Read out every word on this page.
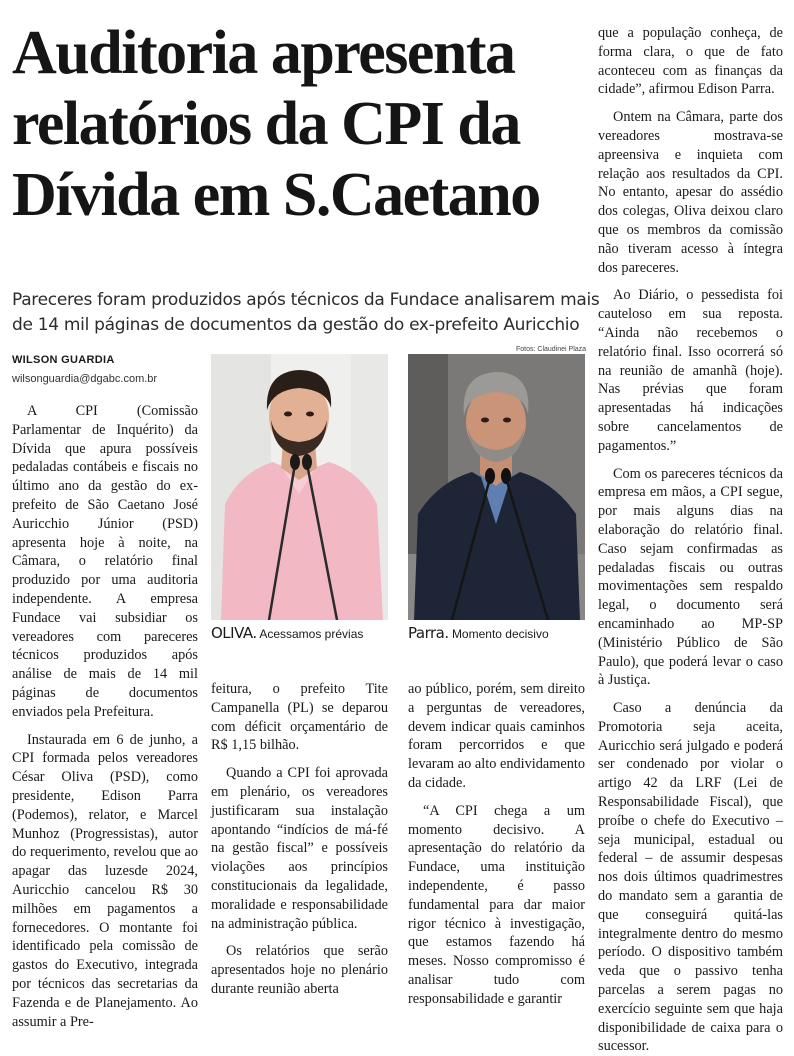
Auditoria apresenta
relatórios da CPI da
Dívida em S.Caetano
Pareceres foram produzidos após técnicos da Fundace analisarem mais
de 14 mil páginas de documentos da gestão do ex-prefeito Auricchio
WILSON GUARDIA
wilsonguardia@dgabc.com.br
Fotos: Claudinei Plaza
OLIVA. Acessamos prévias	Parra. Momento decisivo

A CPI (Comissão Parlamentar de Inquérito) da Dívida que apura possíveis pedaladas contábeis e fiscais no último ano da gestão do ex-prefeito de São Caetano José Auricchio Júnior (PSD) apresenta hoje à noite, na Câmara, o relatório final produzido por uma auditoria independente. A empresa Fundace vai subsidiar os vereadores com pareceres técnicos produzidos após análise de mais de 14 mil páginas de documentos enviados pela Prefeitura.

Instaurada em 6 de junho, a CPI formada pelos vereadores César Oliva (PSD), como presidente, Edison Parra (Podemos), relator, e Marcel Munhoz (Progressistas), autor do requerimento, revelou que ao apagar das luzesde 2024, Auricchio cancelou R$ 30 milhões em pagamentos a fornecedores. O montante foi identificado pela comissão de gastos do Executivo, integrada por técnicos das secretarias da Fazenda e de Planejamento. Ao assumir a Pre-

feitura, o prefeito Tite Campanella (PL) se deparou com déficit orçamentário de R$ 1,15 bilhão.

Quando a CPI foi aprovada em plenário, os vereadores justificaram sua instalação apontando “indícios de má-fé na gestão fiscal” e possíveis violações aos princípios constitucionais da legalidade, moralidade e responsabilidade na administração pública.

Os relatórios que serão apresentados hoje no plenário durante reunião aberta

ao público, porém, sem direito a perguntas de vereadores, devem indicar quais caminhos foram percorridos e que levaram ao alto endividamento da cidade.

“A CPI chega a um momento decisivo. A apresentação do relatório da Fundace, uma instituição independente, é passo fundamental para dar maior rigor técnico à investigação, que estamos fazendo há meses. Nosso compromisso é analisar tudo com responsabilidade e garantir

que a população conheça, de forma clara, o que de fato aconteceu com as finanças da cidade”, afirmou Edison Parra.

Ontem na Câmara, parte dos vereadores mostrava-se apreensiva e inquieta com relação aos resultados da CPI. No entanto, apesar do assédio dos colegas, Oliva deixou claro que os membros da comissão não tiveram acesso à íntegra dos pareceres.

Ao Diário, o pessedista foi cauteloso em sua reposta. “Ainda não recebemos o relatório final. Isso ocorrerá só na reunião de amanhã (hoje). Nas prévias que foram apresentadas há indicações sobre cancelamentos de pagamentos.”

Com os pareceres técnicos da empresa em mãos, a CPI segue, por mais alguns dias na elaboração do relatório final. Caso sejam confirmadas as pedaladas fiscais ou outras movimentações sem respaldo legal, o documento será encaminhado ao MP-SP (Ministério Público de São Paulo), que poderá levar o caso à Justiça.

Caso a denúncia da Promotoria seja aceita, Auricchio será julgado e poderá ser condenado por violar o artigo 42 da LRF (Lei de Responsabilidade Fiscal), que proíbe o chefe do Executivo – seja municipal, estadual ou federal – de assumir despesas nos dois últimos quadrimestres do mandato sem a garantia de que conseguirá quitá-las integralmente dentro do mesmo período. O dispositivo também veda que o passivo tenha parcelas a serem pagas no exercício seguinte sem que haja disponibilidade de caixa para o sucessor.
